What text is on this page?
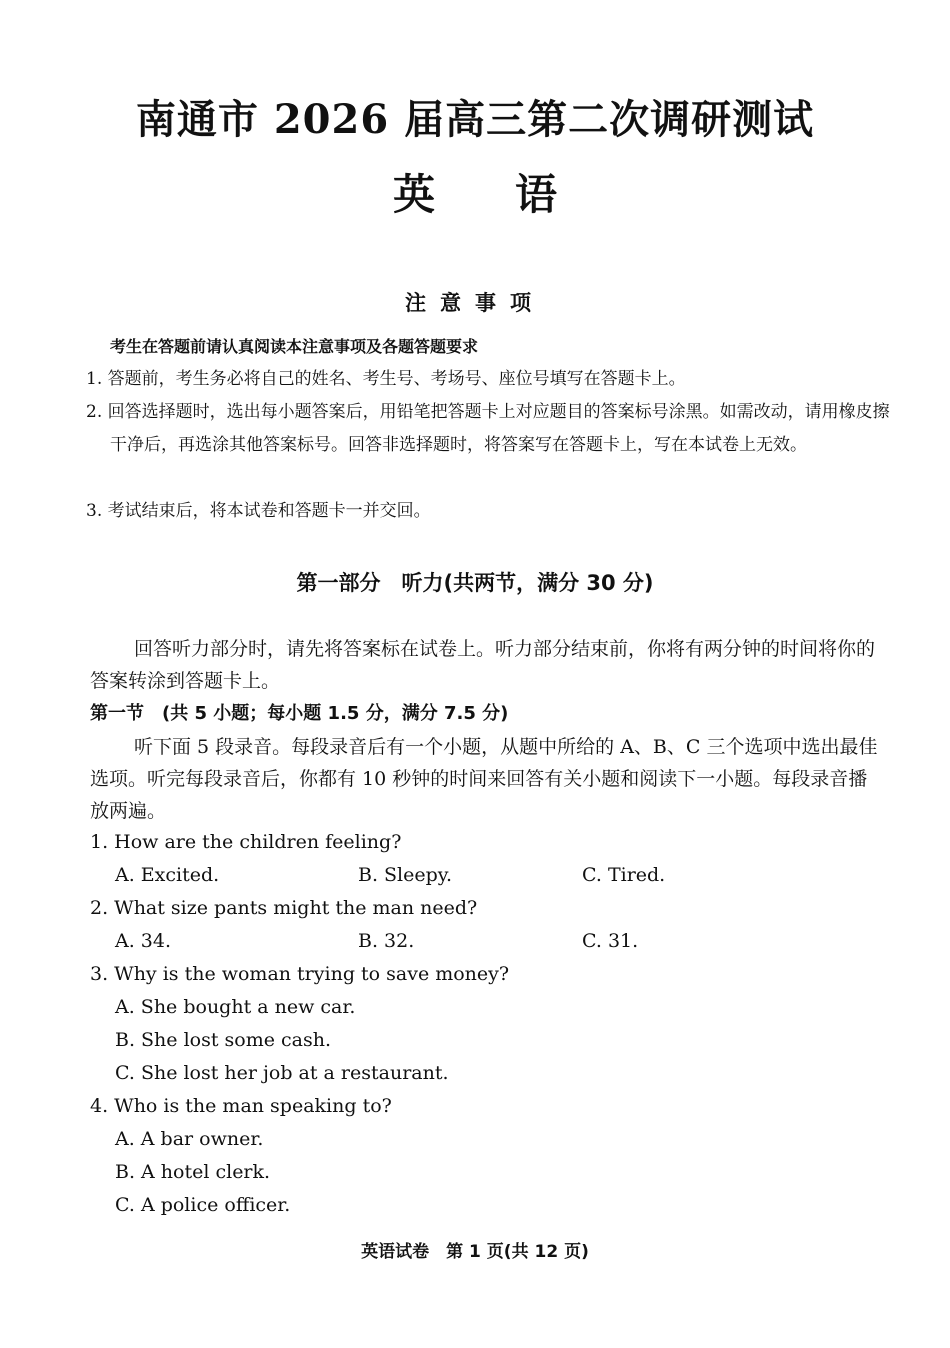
南通市 2026 届高三第二次调研测试
英语
注意事项
考生在答题前请认真阅读本注意事项及各题答题要求
1. 答题前，考生务必将自己的姓名、考生号、考场号、座位号填写在答题卡上。
2. 回答选择题时，选出每小题答案后，用铅笔把答题卡上对应题目的答案标号涂黑。如需改动，请用橡皮擦干净后，再选涂其他答案标号。回答非选择题时，将答案写在答题卡上，写在本试卷上无效。
3. 考试结束后，将本试卷和答题卡一并交回。
第一部分　听力(共两节，满分 30 分)
回答听力部分时，请先将答案标在试卷上。听力部分结束前，你将有两分钟的时间将你的答案转涂到答题卡上。
第一节　(共 5 小题；每小题 1.5 分，满分 7.5 分)
听下面 5 段录音。每段录音后有一个小题，从题中所给的 A、B、C 三个选项中选出最佳选项。听完每段录音后，你都有 10 秒钟的时间来回答有关小题和阅读下一小题。每段录音播放两遍。
1. How are the children feeling?
A. Excited.	B. Sleepy.	C. Tired.
2. What size pants might the man need?
A. 34.	B. 32.	C. 31.
3. Why is the woman trying to save money?
A. She bought a new car.
B. She lost some cash.
C. She lost her job at a restaurant.
4. Who is the man speaking to?
A. A bar owner.
B. A hotel clerk.
C. A police officer.
英语试卷　第 1 页(共 12 页)
